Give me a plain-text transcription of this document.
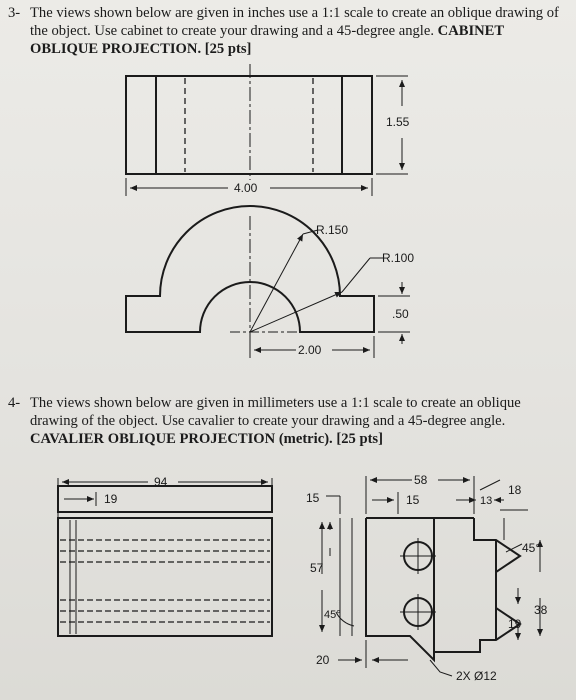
3- The views shown below are given in inches use a 1:1 scale to create an oblique drawing of the object. Use cabinet to create your drawing and a 45-degree angle. CABINET OBLIQUE PROJECTION. [25 pts]
4- The views shown below are given in millimeters use a 1:1 scale to create an oblique drawing of the object. Use cavalier to create your drawing and a 45-degree angle. CAVALIER OBLIQUE PROJECTION (metric). [25 pts]
1.55
4.00
R.150
R.100
.50
2.00
94
19	15
57
45°
20
58
15	13
18
45°
38
19
2X Ø12
